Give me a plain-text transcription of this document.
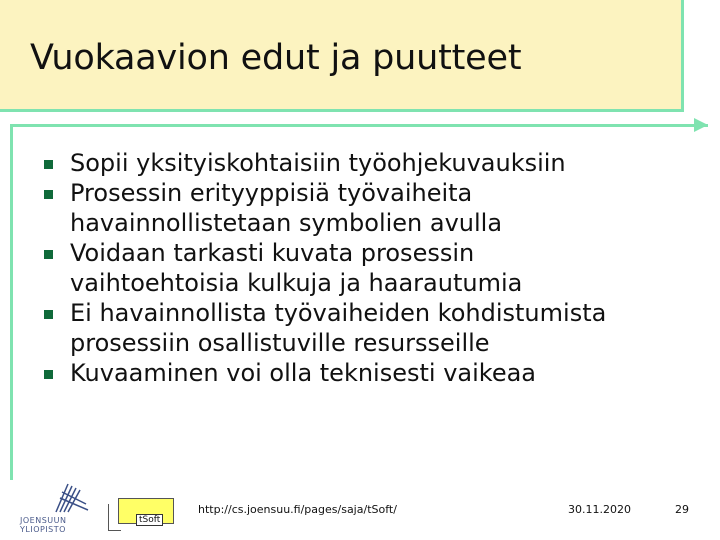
Vuokaavion edut ja puutteet
Sopii yksityiskohtaisiin työohjekuvauksiin
Prosessin erityyppisiä työvaiheita
havainnollistetaan symbolien avulla
Voidaan tarkasti kuvata prosessin
vaihtoehtoisia kulkuja ja haarautumia
Ei havainnollista työvaiheiden kohdistumista
prosessiin osallistuville resursseille
Kuvaaminen voi olla teknisesti vaikeaa
JOENSUUN
YLIOPISTO
tSoft
http://cs.joensuu.fi/pages/saja/tSoft/	30.11.2020	29
